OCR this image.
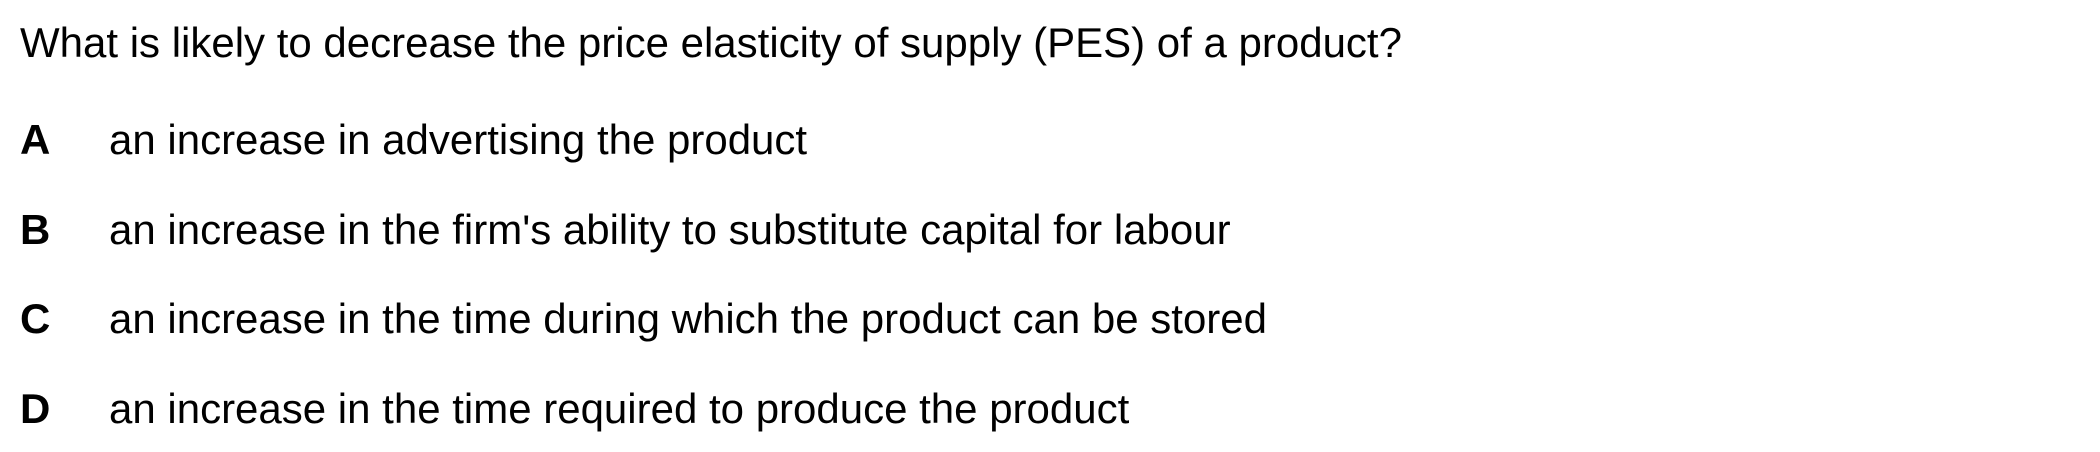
What is likely to decrease the price elasticity of supply (PES) of a product?
A an increase in advertising the product
B an increase in the firm's ability to substitute capital for labour
C an increase in the time during which the product can be stored
D an increase in the time required to produce the product
